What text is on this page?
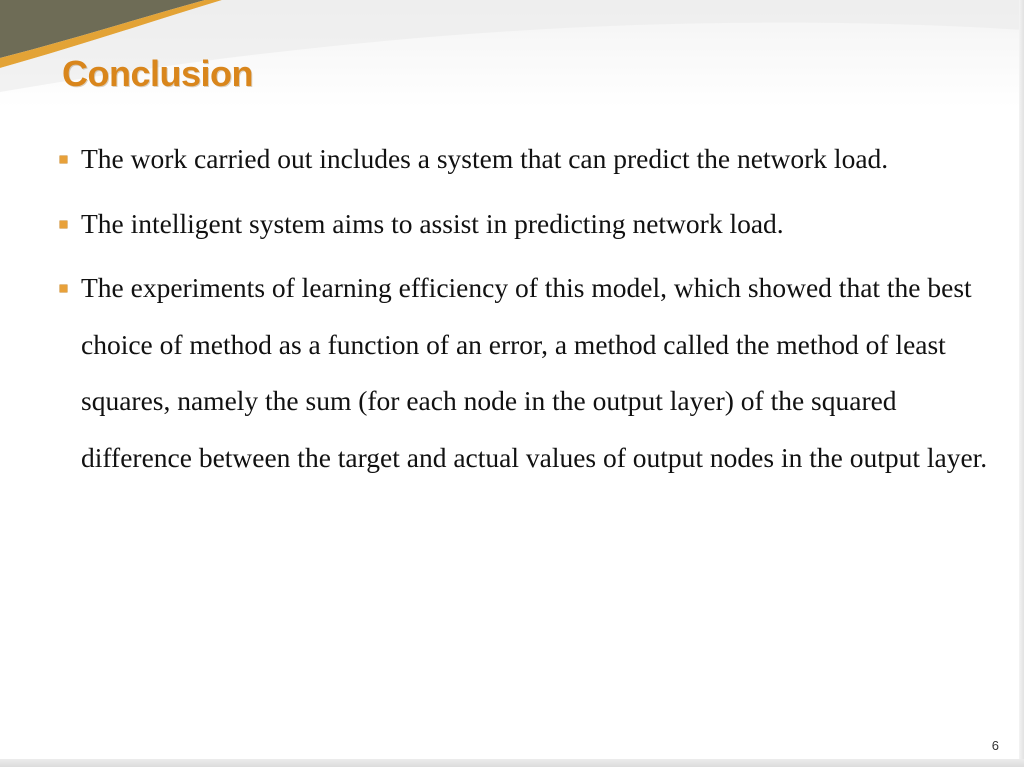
Conclusion
The work carried out includes a system that can predict the network load.
The intelligent system aims to assist in predicting network load.
The experiments of learning efficiency of this model, which showed that the best choice of method as a function of an error, a method called the method of least squares, namely the sum (for each node in the output layer) of the squared difference between the target and actual values of output nodes in the output layer.
6
